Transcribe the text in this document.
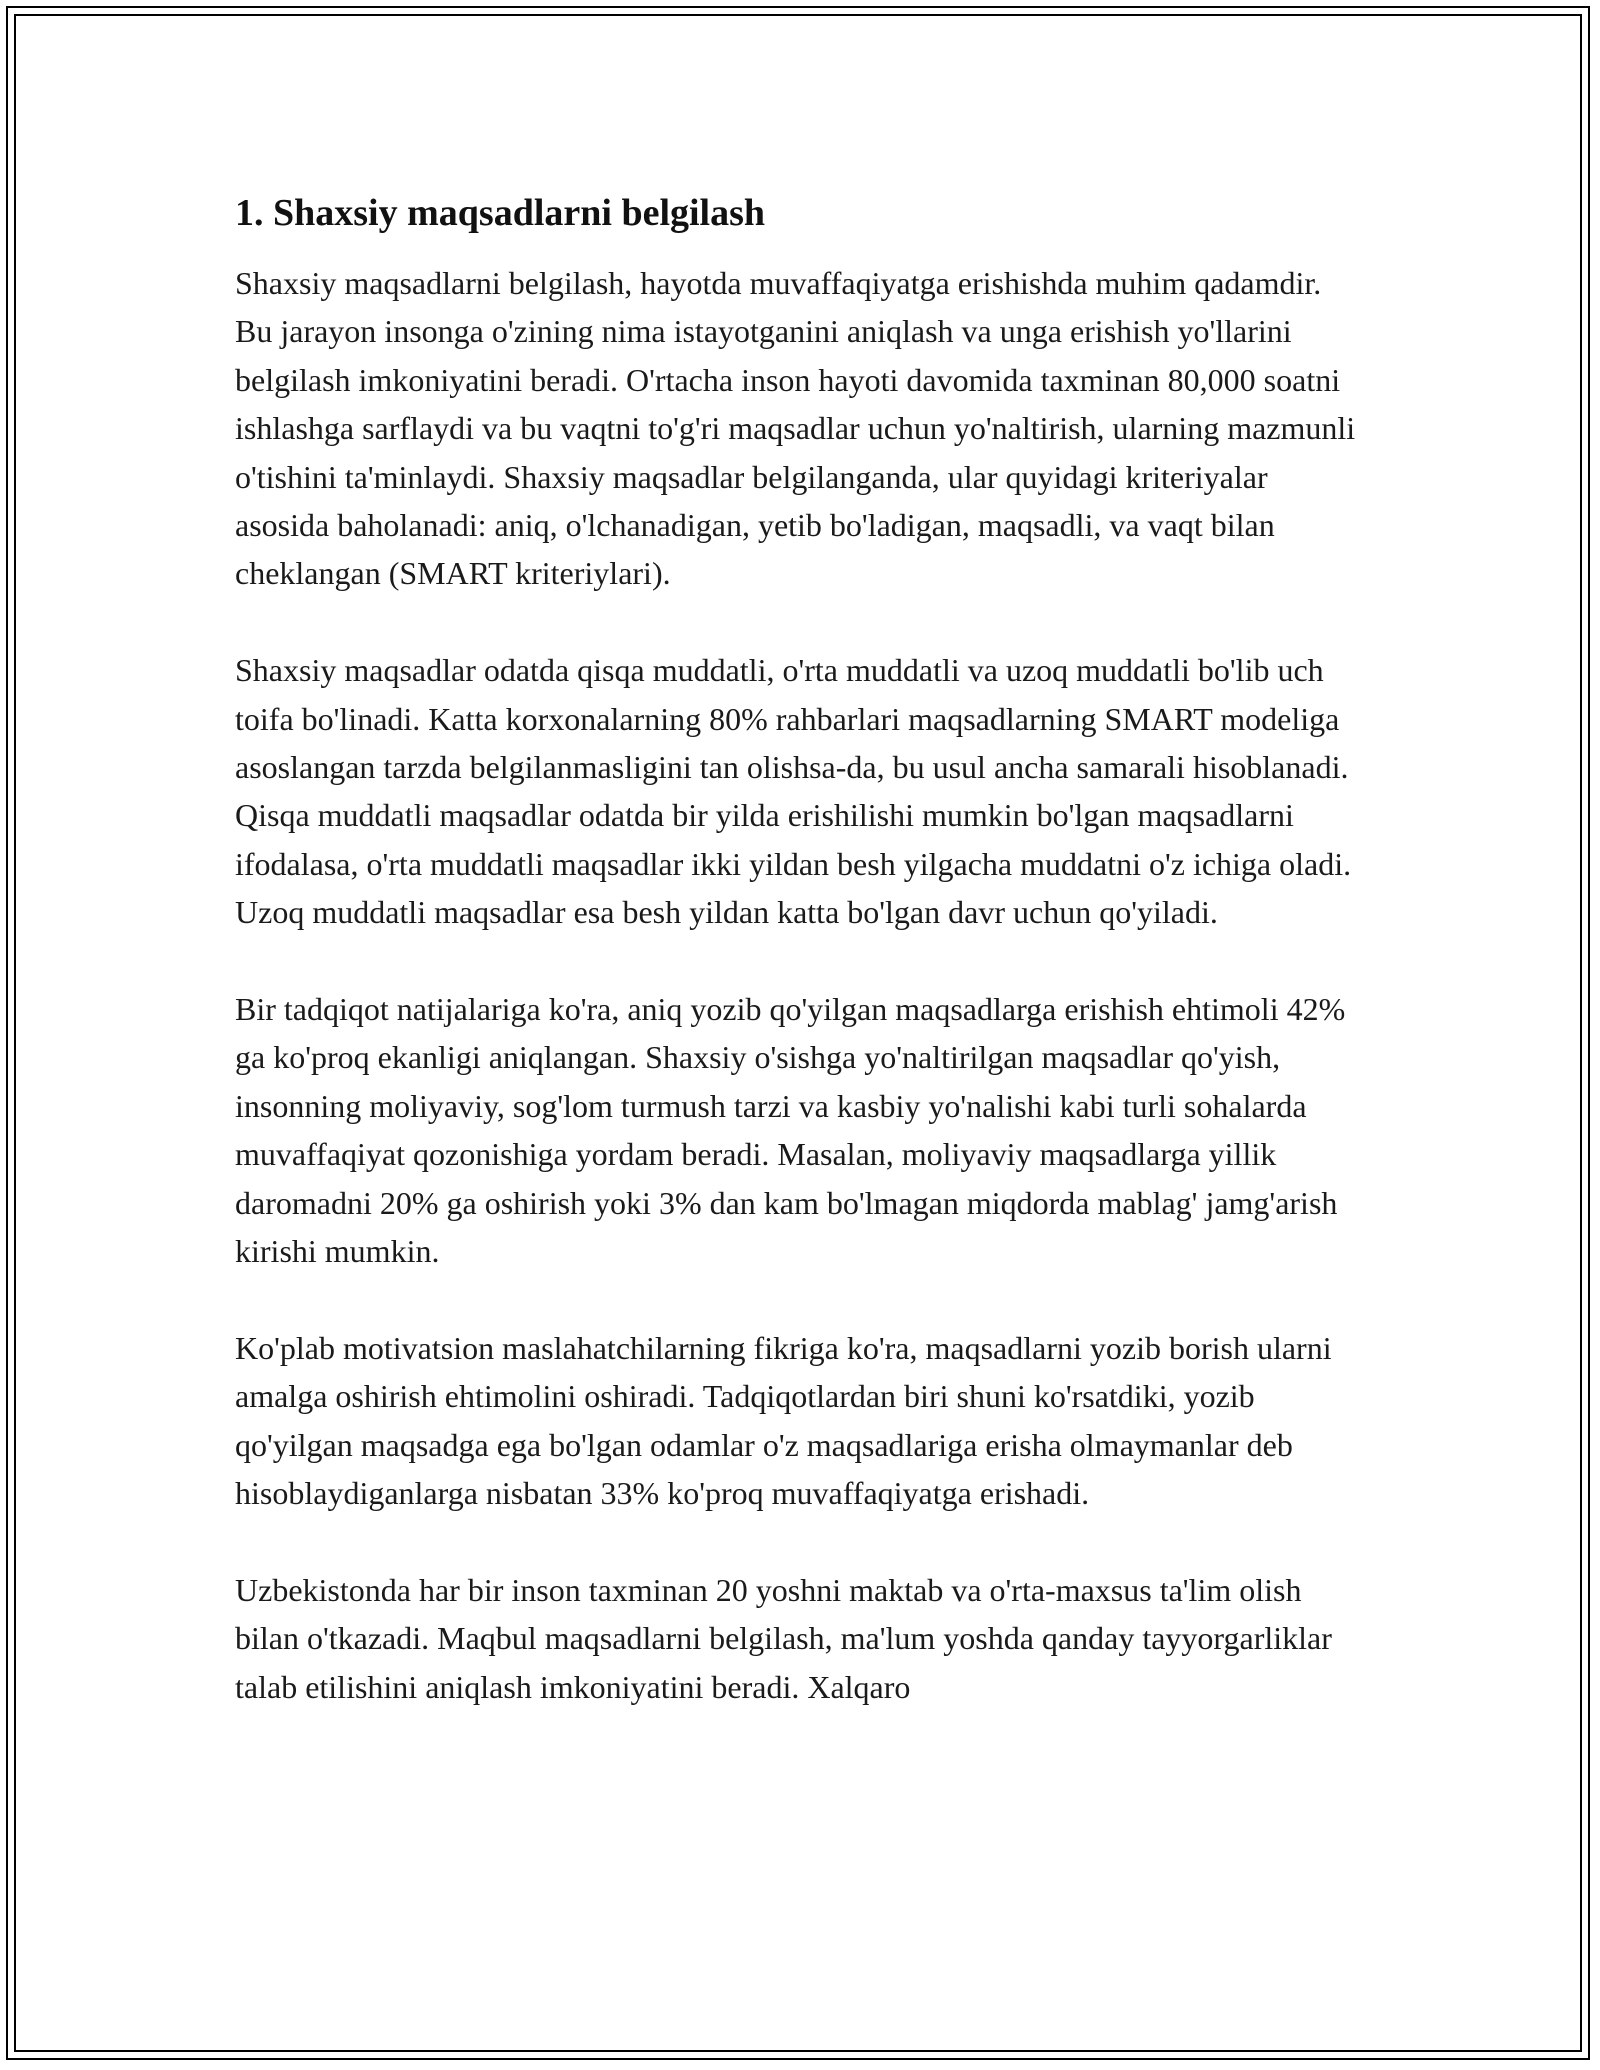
1. Shaxsiy maqsadlarni belgilash

Shaxsiy maqsadlarni belgilash, hayotda muvaffaqiyatga erishishda muhim qadamdir. Bu jarayon insonga o'zining nima istayotganini aniqlash va unga erishish yo'llarini belgilash imkoniyatini beradi. O'rtacha inson hayoti davomida taxminan 80,000 soatni ishlashga sarflaydi va bu vaqtni to'g'ri maqsadlar uchun yo'naltirish, ularning mazmunli o'tishini ta'minlaydi. Shaxsiy maqsadlar belgilanganda, ular quyidagi kriteriyalar asosida baholanadi: aniq, o'lchanadigan, yetib bo'ladigan, maqsadli, va vaqt bilan cheklangan (SMART kriteriylari).

Shaxsiy maqsadlar odatda qisqa muddatli, o'rta muddatli va uzoq muddatli bo'lib uch toifa bo'linadi. Katta korxonalarning 80% rahbarlari maqsadlarning SMART modeliga asoslangan tarzda belgilanmasligini tan olishsa-da, bu usul ancha samarali hisoblanadi. Qisqa muddatli maqsadlar odatda bir yilda erishilishi mumkin bo'lgan maqsadlarni ifodalasa, o'rta muddatli maqsadlar ikki yildan besh yilgacha muddatni o'z ichiga oladi. Uzoq muddatli maqsadlar esa besh yildan katta bo'lgan davr uchun qo'yiladi.

Bir tadqiqot natijalariga ko'ra, aniq yozib qo'yilgan maqsadlarga erishish ehtimoli 42% ga ko'proq ekanligi aniqlangan. Shaxsiy o'sishga yo'naltirilgan maqsadlar qo'yish, insonning moliyaviy, sog'lom turmush tarzi va kasbiy yo'nalishi kabi turli sohalarda muvaffaqiyat qozonishiga yordam beradi. Masalan, moliyaviy maqsadlarga yillik daromadni 20% ga oshirish yoki 3% dan kam bo'lmagan miqdorda mablag' jamg'arish kirishi mumkin.

Ko'plab motivatsion maslahatchilarning fikriga ko'ra, maqsadlarni yozib borish ularni amalga oshirish ehtimolini oshiradi. Tadqiqotlardan biri shuni ko'rsatdiki, yozib qo'yilgan maqsadga ega bo'lgan odamlar o'z maqsadlariga erisha olmaymanlar deb hisoblaydiganlarga nisbatan 33% ko'proq muvaffaqiyatga erishadi.

Uzbekistonda har bir inson taxminan 20 yoshni maktab va o'rta-maxsus ta'lim olish bilan o'tkazadi. Maqbul maqsadlarni belgilash, ma'lum yoshda qanday tayyorgarliklar talab etilishini aniqlash imkoniyatini beradi. Xalqaro
